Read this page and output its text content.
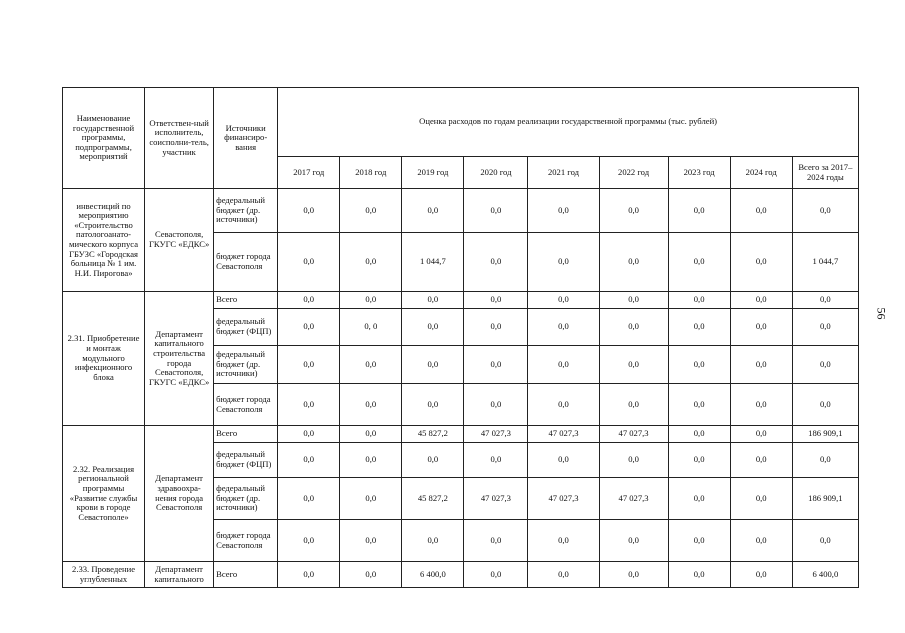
Наименование государственной программы, подпрограммы, мероприятий	Ответствен-ный исполнитель, соисполни-тель, участник	Источники финансиро-вания	Оценка расходов по годам реализации государственной программы (тыс. рублей)								
			2017 год	2018 год	2019 год	2020 год	2021 год	2022 год	2023 год	2024 год	Всего за 2017–2024 годы
инвестиций по мероприятию «Строительство патологоанато-мического корпуса ГБУЗС «Городская больница № 1 им. Н.И. Пирогова»	Севастополя, ГКУГС «ЕДКС»	федеральный бюджет (др. источники)	0,0	0,0	0,0	0,0	0,0	0,0	0,0	0,0	0,0
		бюджет города Севастополя	0,0	0,0	1 044,7	0,0	0,0	0,0	0,0	0,0	1 044,7
2.31. Приобретение и монтаж модульного инфекционного блока	Департамент капитального строительства города Севастополя, ГКУГС «ЕДКС»	Всего	0,0	0,0	0,0	0,0	0,0	0,0	0,0	0,0	0,0
		федеральный бюджет (ФЦП)	0,0	0, 0	0,0	0,0	0,0	0,0	0,0	0,0	0,0
		федеральный бюджет (др. источники)	0,0	0,0	0,0	0,0	0,0	0,0	0,0	0,0	0,0
		бюджет города Севастополя	0,0	0,0	0,0	0,0	0,0	0,0	0,0	0,0	0,0
2.32. Реализация региональной программы «Развитие службы крови в городе Севастополе»	Департамент здравоохра-нения города Севастополя	Всего	0,0	0,0	45 827,2	47 027,3	47 027,3	47 027,3	0,0	0,0	186 909,1
		федеральный бюджет (ФЦП)	0,0	0,0	0,0	0,0	0,0	0,0	0,0	0,0	0,0
		федеральный бюджет (др. источники)	0,0	0,0	45 827,2	47 027,3	47 027,3	47 027,3	0,0	0,0	186 909,1
		бюджет города Севастополя	0,0	0,0	0,0	0,0	0,0	0,0	0,0	0,0	0,0
2.33. Проведение углубленных	Департамент капитального	Всего	0,0	0,0	6 400,0	0,0	0,0	0,0	0,0	0,0	6 400,0
56
